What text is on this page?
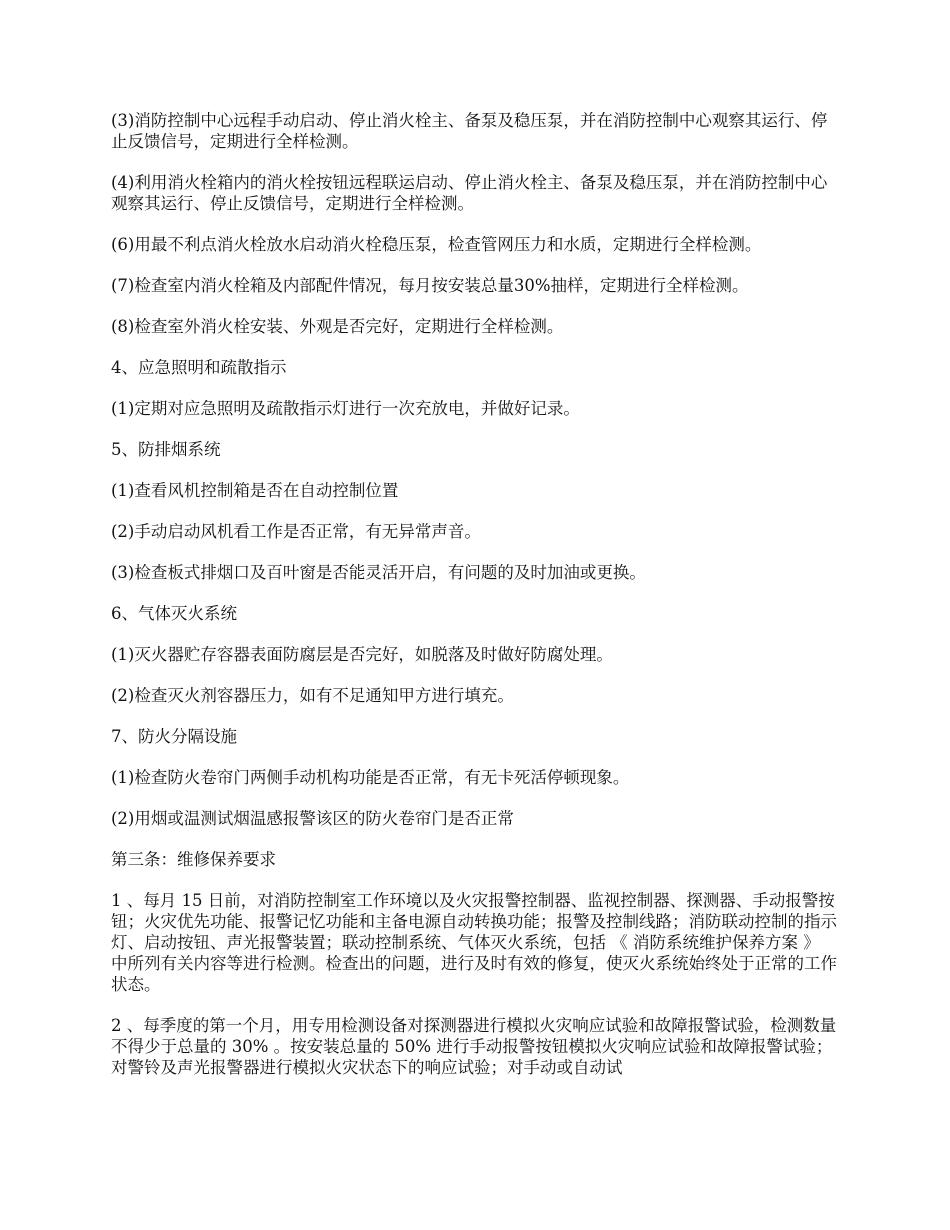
(3)消防控制中心远程手动启动、停止消火栓主、备泵及稳压泵，并在消防控制中心观察其运行、停止反馈信号，定期进行全样检测。

(4)利用消火栓箱内的消火栓按钮远程联运启动、停止消火栓主、备泵及稳压泵，并在消防控制中心观察其运行、停止反馈信号，定期进行全样检测。

(6)用最不利点消火栓放水启动消火栓稳压泵，检查管网压力和水质，定期进行全样检测。

(7)检查室内消火栓箱及内部配件情况，每月按安装总量30%抽样，定期进行全样检测。

(8)检查室外消火栓安装、外观是否完好，定期进行全样检测。

4、应急照明和疏散指示

(1)定期对应急照明及疏散指示灯进行一次充放电，并做好记录。

5、防排烟系统

(1)查看风机控制箱是否在自动控制位置

(2)手动启动风机看工作是否正常，有无异常声音。

(3)检查板式排烟口及百叶窗是否能灵活开启，有问题的及时加油或更换。

6、气体灭火系统

(1)灭火器贮存容器表面防腐层是否完好，如脱落及时做好防腐处理。

(2)检查灭火剂容器压力，如有不足通知甲方进行填充。

7、防火分隔设施

(1)检查防火卷帘门两侧手动机构功能是否正常，有无卡死活停顿现象。

(2)用烟或温测试烟温感报警该区的防火卷帘门是否正常

第三条：维修保养要求

1 、每月 15 日前，对消防控制室工作环境以及火灾报警控制器、监视控制器、探测器、手动报警按钮；火灾优先功能、报警记忆功能和主备电源自动转换功能；报警及控制线路；消防联动控制的指示灯、启动按钮、声光报警装置；联动控制系统、气体灭火系统，包括 《 消防系统维护保养方案 》 中所列有关内容等进行检测。检查出的问题，进行及时有效的修复，使灭火系统始终处于正常的工作状态。

2 、每季度的第一个月，用专用检测设备对探测器进行模拟火灾响应试验和故障报警试验，检测数量不得少于总量的 30% 。按安装总量的 50% 进行手动报警按钮模拟火灾响应试验和故障报警试验；对警铃及声光报警器进行模拟火灾状态下的响应试验；对手动或自动试
